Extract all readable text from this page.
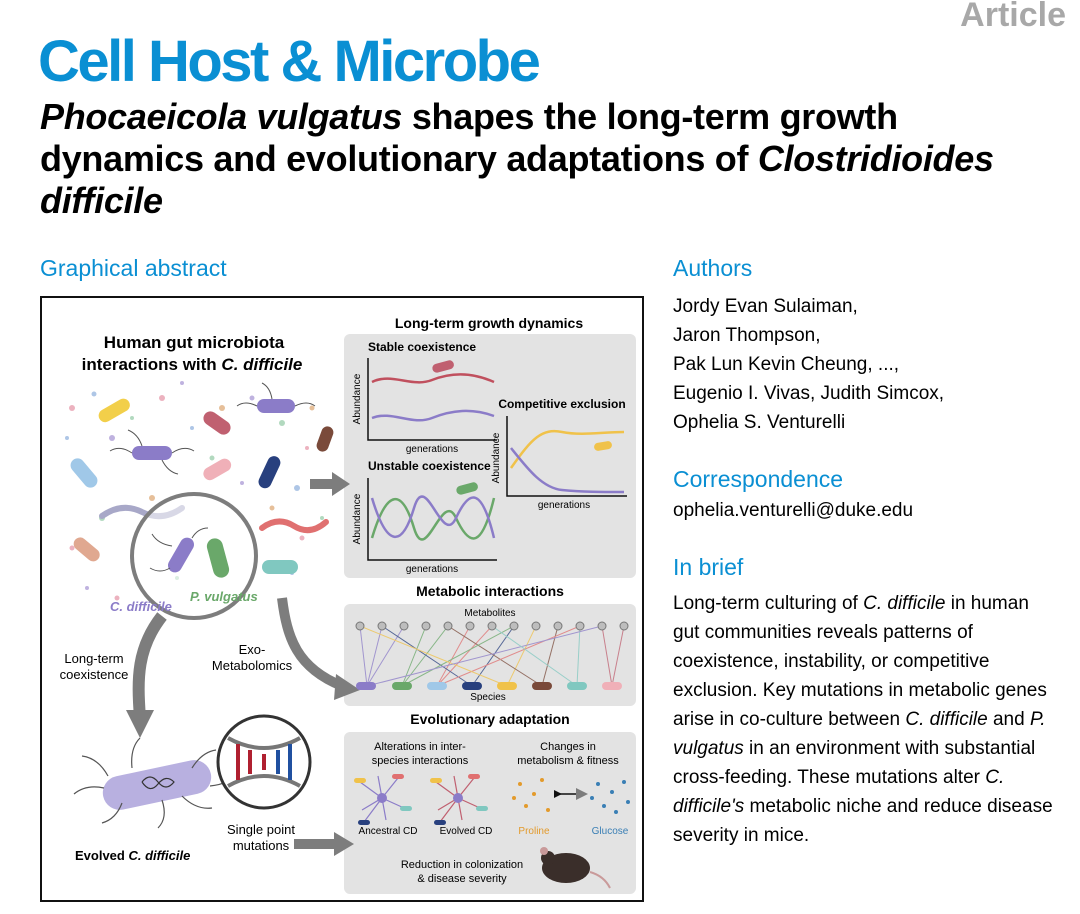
Article
Cell Host & Microbe
Phocaeicola vulgatus shapes the long-term growth dynamics and evolutionary adaptations of Clostridioides difficile
Graphical abstract
C. difficile
P. vulgatus
Human gut microbiota
interactions with C. difficile
Long-term
coexistence
Exo-
Metabolomics
Evolved C. difficile
Single point
mutations
Long-term growth dynamics
Stable coexistence
Abundance
generations
Unstable coexistence
Abundance
generations
Competitive exclusion
Abundance
generations
Metabolic interactions
Metabolites
Species
Evolutionary adaptation
Alterations in inter-
species interactions
Changes in
metabolism & fitness
Ancestral CD Evolved CD	Proline	Glucose
Reduction in colonization
& disease severity
Authors
Jordy Evan Sulaiman,
Jaron Thompson,
Pak Lun Kevin Cheung, ...,
Eugenio I. Vivas, Judith Simcox,
Ophelia S. Venturelli
Correspondence
ophelia.venturelli@duke.edu
In brief
Long-term culturing of C. difficile in human gut communities reveals patterns of coexistence, instability, or competitive exclusion. Key mutations in metabolic genes arise in co-culture between C. difficile and P. vulgatus in an environment with substantial cross-feeding. These mutations alter C. difficile's metabolic niche and reduce disease severity in mice.
